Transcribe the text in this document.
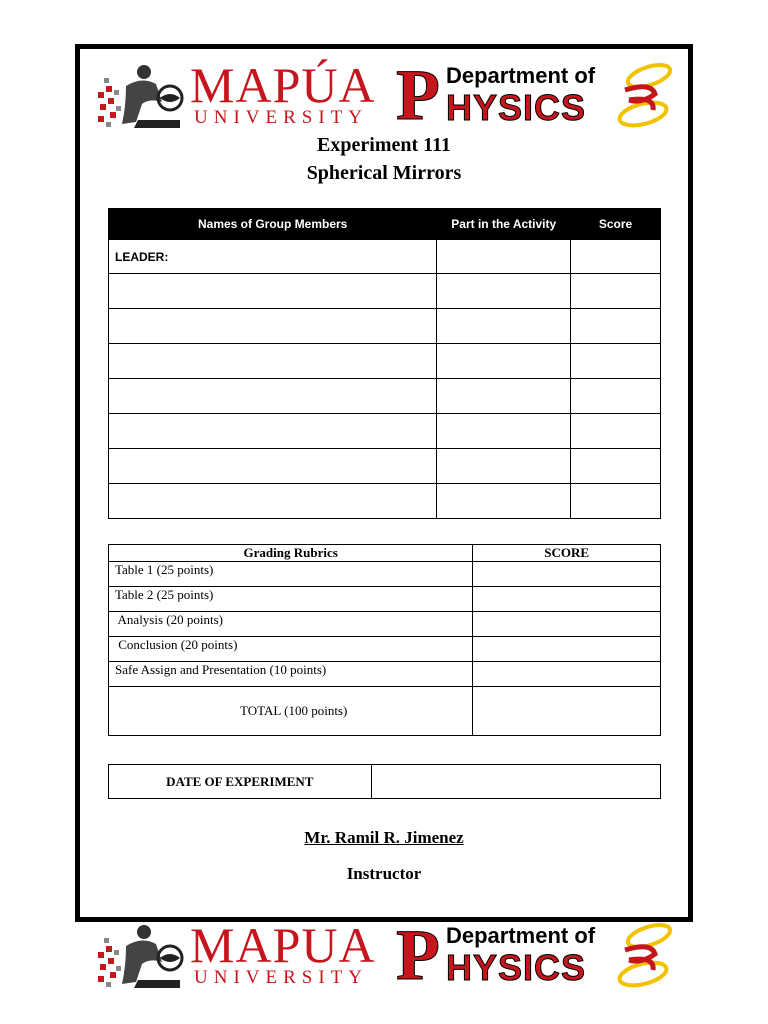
MAPÚA
UNIVERSITY P Department of
HYSICS
Experiment 111
Spherical Mirrors
Names of Group Members	Part in the Activity	Score
LEADER:		

Grading Rubrics	SCORE
Table 1 (25 points)	
Table 2 (25 points)	
Analysis (20 points)	
Conclusion (20 points)	
Safe Assign and Presentation (10 points)	
TOTAL (100 points)	
DATE OF EXPERIMENT	
Mr. Ramil R. Jimenez
Instructor
MAPUA
UNIVERSITY P Department of
HYSICS
